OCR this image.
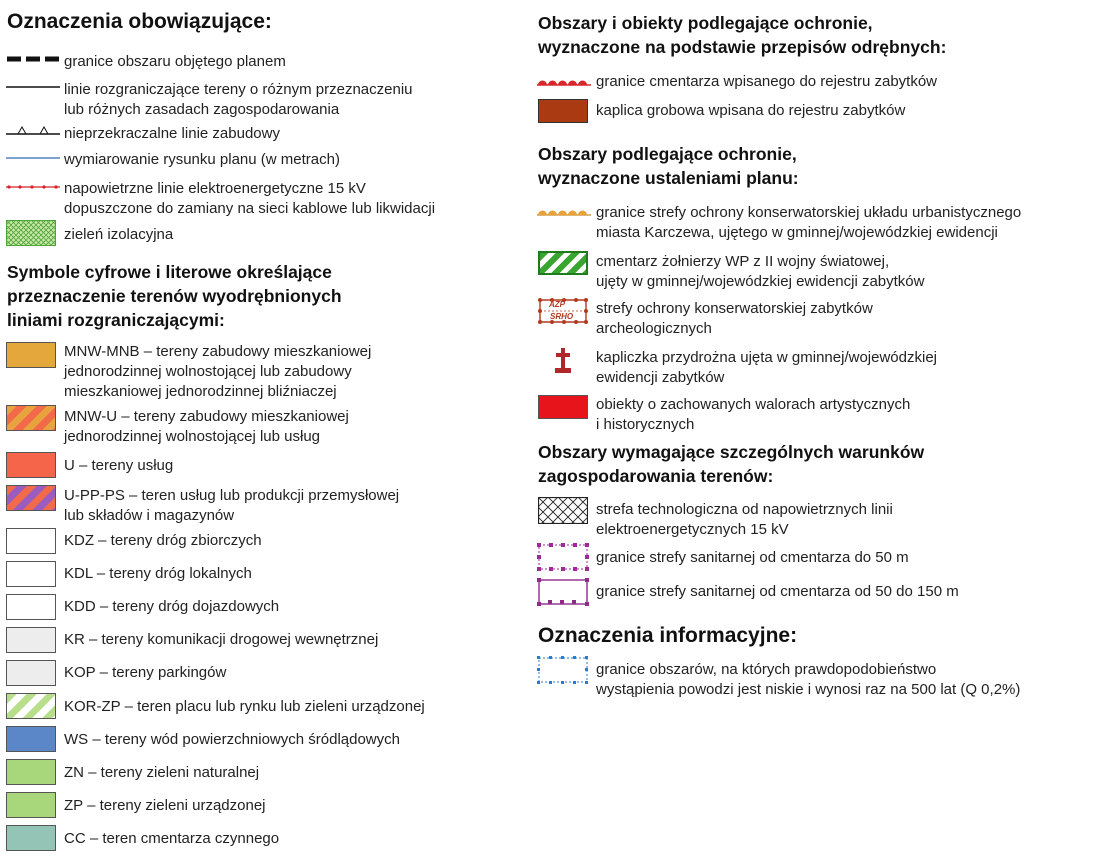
Oznaczenia obowiązujące:
granice obszaru objętego planem
linie rozgraniczające tereny o różnym przeznaczeniu
lub różnych zasadach zagospodarowania
nieprzekraczalne linie zabudowy
wymiarowanie rysunku planu (w metrach)
napowietrzne linie elektroenergetyczne 15 kV
dopuszczone do zamiany na sieci kablowe lub likwidacji
zieleń izolacyjna
Symbole cyfrowe i literowe określające
przeznaczenie terenów wyodrębnionych
liniami rozgraniczającymi:
MNW-MNB – tereny zabudowy mieszkaniowej
jednorodzinnej wolnostojącej lub zabudowy
mieszkaniowej jednorodzinnej bliźniaczej
MNW-U – tereny zabudowy mieszkaniowej
jednorodzinnej wolnostojącej lub usług
U – tereny usług
U-PP-PS – teren usług lub produkcji przemysłowej
lub składów i magazynów
KDZ – tereny dróg zbiorczych
KDL – tereny dróg lokalnych
KDD – tereny dróg dojazdowych
KR – tereny komunikacji drogowej wewnętrznej
KOP – tereny parkingów
KOR-ZP – teren placu lub rynku lub zieleni urządzonej
WS – tereny wód powierzchniowych śródlądowych
ZN – tereny zieleni naturalnej
ZP – tereny zieleni urządzonej
CC – teren cmentarza czynnego
Obszary i obiekty podlegające ochronie,
wyznaczone na podstawie przepisów odrębnych:
granice cmentarza wpisanego do rejestru zabytków
kaplica grobowa wpisana do rejestru zabytków
Obszary podlegające ochronie,
wyznaczone ustaleniami planu:
granice strefy ochrony konserwatorskiej układu urbanistycznego
miasta Karczewa, ujętego w gminnej/wojewódzkiej ewidencji
cmentarz żołnierzy WP z II wojny światowej,
ujęty w gminnej/wojewódzkiej ewidencji zabytków
AZP
SRHO strefy ochrony konserwatorskiej zabytków
archeologicznych
kapliczka przydrożna ujęta w gminnej/wojewódzkiej
ewidencji zabytków
obiekty o zachowanych walorach artystycznych
i historycznych
Obszary wymagające szczególnych warunków
zagospodarowania terenów:
strefa technologiczna od napowietrznych linii
elektroenergetycznych 15 kV
granice strefy sanitarnej od cmentarza do 50 m
granice strefy sanitarnej od cmentarza od 50 do 150 m
Oznaczenia informacyjne:
granice obszarów, na których prawdopodobieństwo
wystąpienia powodzi jest niskie i wynosi raz na 500 lat (Q 0,2%)
